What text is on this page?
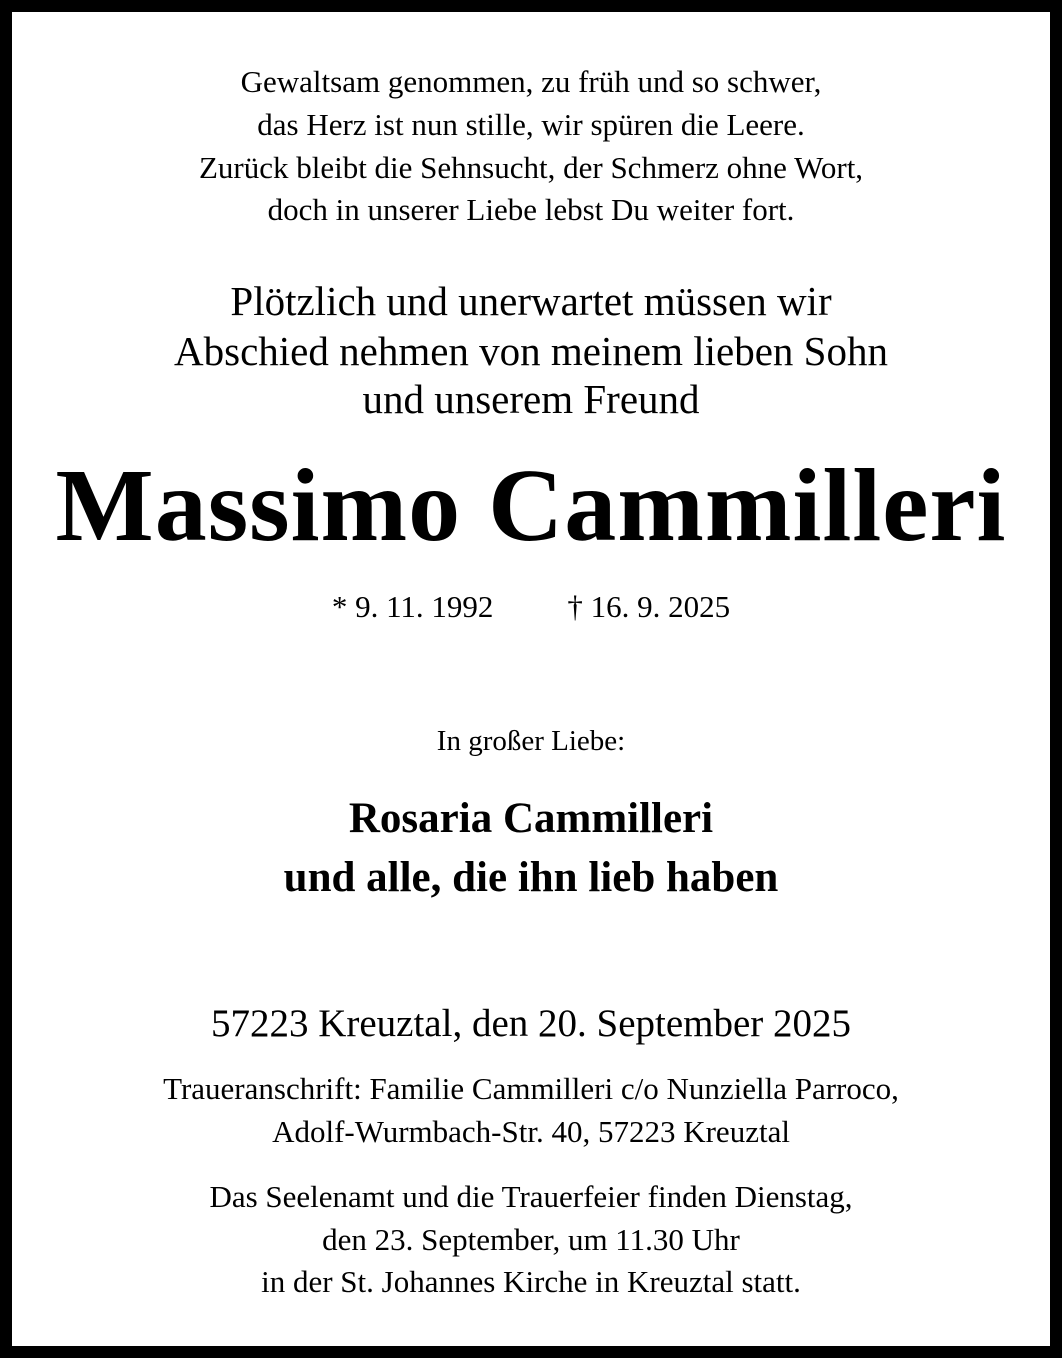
Gewaltsam genommen, zu früh und so schwer,

das Herz ist nun stille, wir spüren die Leere.

Zurück bleibt die Sehnsucht, der Schmerz ohne Wort,

doch in unserer Liebe lebst Du weiter fort.

Plötzlich und unerwartet müssen wir

Abschied nehmen von meinem lieben Sohn

und unserem Freund

Massimo Cammilleri

* 9. 11. 1992 † 16. 9. 2025

In großer Liebe:

Rosaria Cammilleri

und alle, die ihn lieb haben

57223 Kreuztal, den 20. September 2025

Traueranschrift: Familie Cammilleri c/o Nunziella Parroco,

Adolf-Wurmbach-Str. 40, 57223 Kreuztal

Das Seelenamt und die Trauerfeier finden Dienstag,

den 23. September, um 11.30 Uhr

in der St. Johannes Kirche in Kreuztal statt.
